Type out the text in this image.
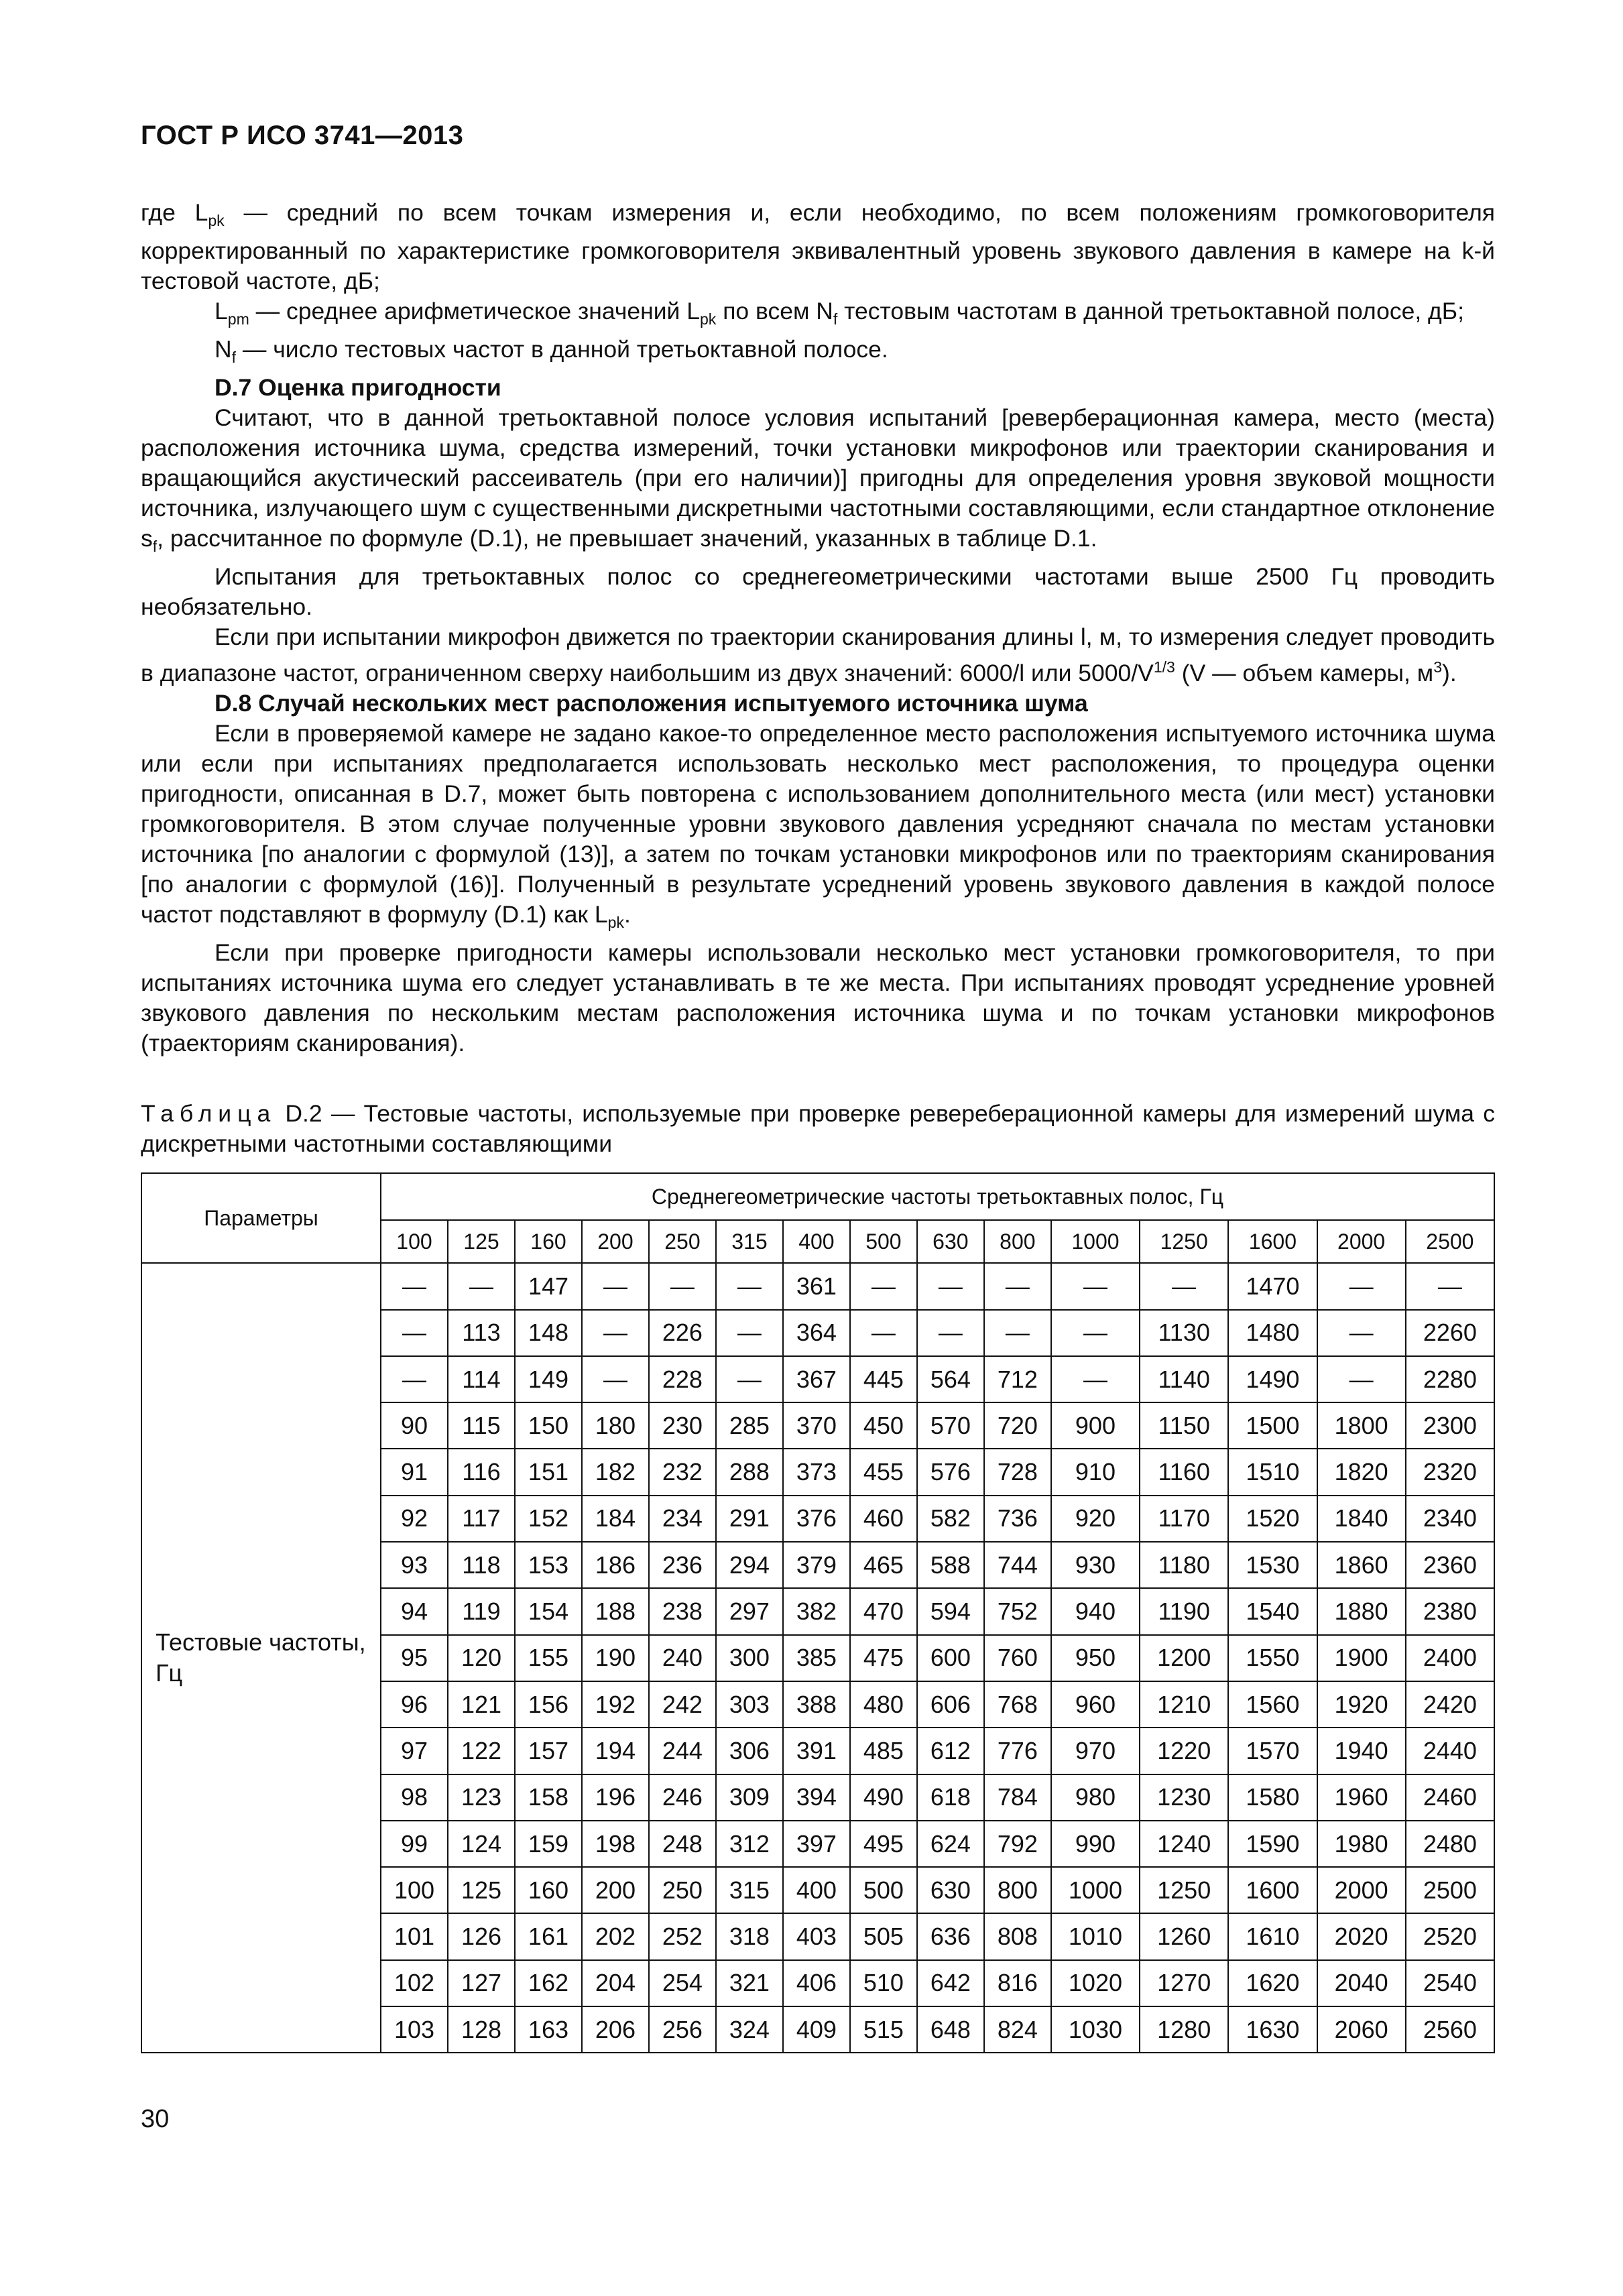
ГОСТ Р ИСО 3741—2013

где $L_{pk}$ — средний по всем точкам измерения и, если необходимо, по всем положениям громкоговорителя корректированный по характеристике громкоговорителя эквивалентный уровень звукового давления в камере на k-й тестовой частоте, дБ;

$L_{pm}$ — среднее арифметическое значений $L_{pk}$ по всем $N_f$ тестовым частотам в данной третьоктавной полосе, дБ;

$N_f$ — число тестовых частот в данной третьоктавной полосе.

D.7 Оценка пригодности

Считают, что в данной третьоктавной полосе условия испытаний [реверберационная камера, место (места) расположения источника шума, средства измерений, точки установки микрофонов или траектории сканирования и вращающийся акустический рассеиватель (при его наличии)] пригодны для определения уровня звуковой мощности источника, излучающего шум с существенными дискретными частотными составляющими, если стандартное отклонение $s_f$, рассчитанное по формуле (D.1), не превышает значений, указанных в таблице D.1.

Испытания для третьоктавных полос со среднегеометрическими частотами выше 2500 Гц проводить необязательно.

Если при испытании микрофон движется по траектории сканирования длины l, м, то измерения следует проводить в диапазоне частот, ограниченном сверху наибольшим из двух значений: 6000/l или $5000/V^{1/3}$ (V — объем камеры, $м^3$).

D.8 Случай нескольких мест расположения испытуемого источника шума

Если в проверяемой камере не задано какое-то определенное место расположения испытуемого источника шума или если при испытаниях предполагается использовать несколько мест расположения, то процедура оценки пригодности, описанная в D.7, может быть повторена с использованием дополнительного места (или мест) установки громкоговорителя. В этом случае полученные уровни звукового давления усредняют сначала по местам установки источника [по аналогии с формулой (13)], а затем по точкам установки микрофонов или по траекториям сканирования [по аналогии с формулой (16)]. Полученный в результате усреднений уровень звукового давления в каждой полосе частот подставляют в формулу (D.1) как $L_{pk}$.

Если при проверке пригодности камеры использовали несколько мест установки громкоговорителя, то при испытаниях источника шума его следует устанавливать в те же места. При испытаниях проводят усреднение уровней звукового давления по нескольким местам расположения источника шума и по точкам установки микрофонов (траекториям сканирования).

Таблица D.2 — Тестовые частоты, используемые при проверке ревереберационной камеры для измерений шума с дискретными частотными составляющими
Параметры	Среднегеометрические частоты третьоктавных полос, Гц														
	100	125	160	200	250	315	400	500	630	800	1000	1250	1600	2000	2500
Тестовые частоты, Гц	—	—	147	—	—	—	361	—	—	—	—	—	1470	—	—
	—	113	148	—	226	—	364	—	—	—	—	1130	1480	—	2260
	—	114	149	—	228	—	367	445	564	712	—	1140	1490	—	2280
	90	115	150	180	230	285	370	450	570	720	900	1150	1500	1800	2300
	91	116	151	182	232	288	373	455	576	728	910	1160	1510	1820	2320
	92	117	152	184	234	291	376	460	582	736	920	1170	1520	1840	2340
	93	118	153	186	236	294	379	465	588	744	930	1180	1530	1860	2360
	94	119	154	188	238	297	382	470	594	752	940	1190	1540	1880	2380
	95	120	155	190	240	300	385	475	600	760	950	1200	1550	1900	2400
	96	121	156	192	242	303	388	480	606	768	960	1210	1560	1920	2420
	97	122	157	194	244	306	391	485	612	776	970	1220	1570	1940	2440
	98	123	158	196	246	309	394	490	618	784	980	1230	1580	1960	2460
	99	124	159	198	248	312	397	495	624	792	990	1240	1590	1980	2480
	100	125	160	200	250	315	400	500	630	800	1000	1250	1600	2000	2500
	101	126	161	202	252	318	403	505	636	808	1010	1260	1610	2020	2520
	102	127	162	204	254	321	406	510	642	816	1020	1270	1620	2040	2540
	103	128	163	206	256	324	409	515	648	824	1030	1280	1630	2060	2560
30
